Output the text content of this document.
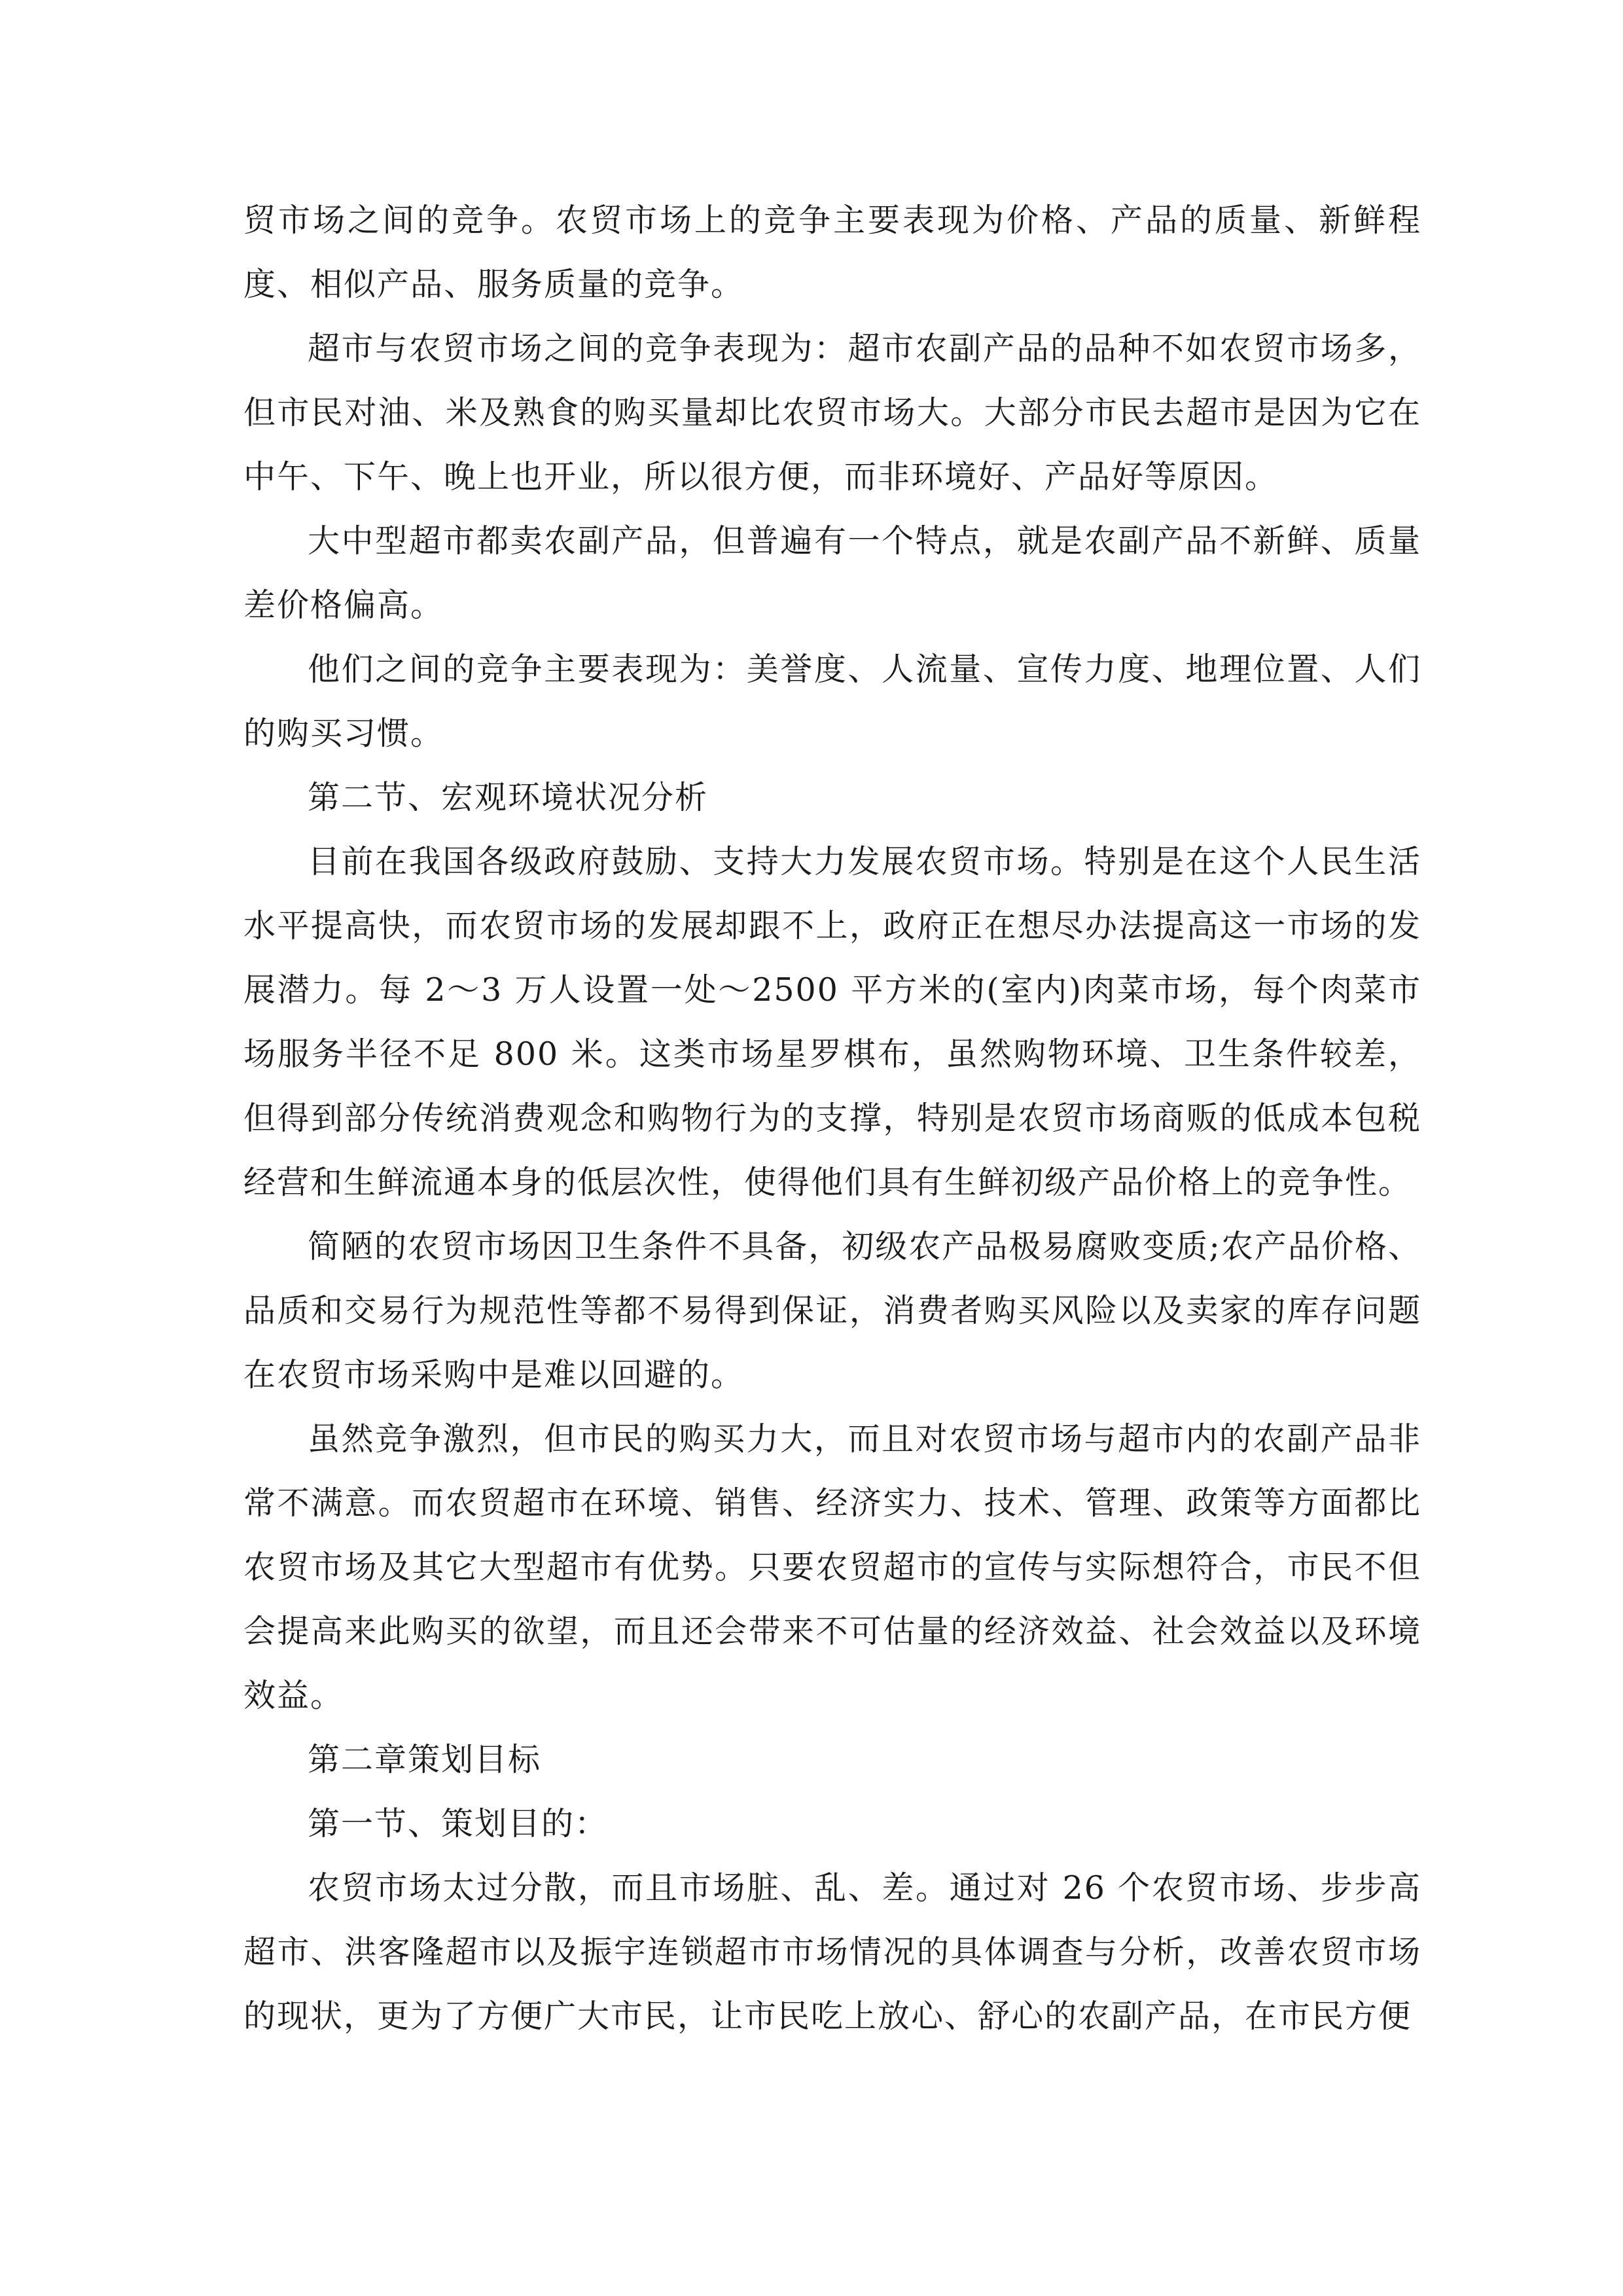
贸市场之间的竞争。农贸市场上的竞争主要表现为价格、产品的质量、新鲜程度、相似产品、服务质量的竞争。

超市与农贸市场之间的竞争表现为：超市农副产品的品种不如农贸市场多，但市民对油、米及熟食的购买量却比农贸市场大。大部分市民去超市是因为它在中午、下午、晚上也开业，所以很方便，而非环境好、产品好等原因。

大中型超市都卖农副产品，但普遍有一个特点，就是农副产品不新鲜、质量差价格偏高。

他们之间的竞争主要表现为：美誉度、人流量、宣传力度、地理位置、人们的购买习惯。

第二节、宏观环境状况分析

目前在我国各级政府鼓励、支持大力发展农贸市场。特别是在这个人民生活水平提高快，而农贸市场的发展却跟不上，政府正在想尽办法提高这一市场的发展潜力。每 2～3 万人设置一处～2500 平方米的(室内)肉菜市场，每个肉菜市场服务半径不足 800 米。这类市场星罗棋布，虽然购物环境、卫生条件较差，但得到部分传统消费观念和购物行为的支撑，特别是农贸市场商贩的低成本包税经营和生鲜流通本身的低层次性，使得他们具有生鲜初级产品价格上的竞争性。

简陋的农贸市场因卫生条件不具备，初级农产品极易腐败变质;农产品价格、品质和交易行为规范性等都不易得到保证，消费者购买风险以及卖家的库存问题在农贸市场采购中是难以回避的。

虽然竞争激烈，但市民的购买力大，而且对农贸市场与超市内的农副产品非常不满意。而农贸超市在环境、销售、经济实力、技术、管理、政策等方面都比农贸市场及其它大型超市有优势。只要农贸超市的宣传与实际想符合，市民不但会提高来此购买的欲望，而且还会带来不可估量的经济效益、社会效益以及环境效益。

第二章策划目标

第一节、策划目的：

农贸市场太过分散，而且市场脏、乱、差。通过对 26 个农贸市场、步步高超市、洪客隆超市以及振宇连锁超市市场情况的具体调查与分析，改善农贸市场的现状，更为了方便广大市民，让市民吃上放心、舒心的农副产品，在市民方便
